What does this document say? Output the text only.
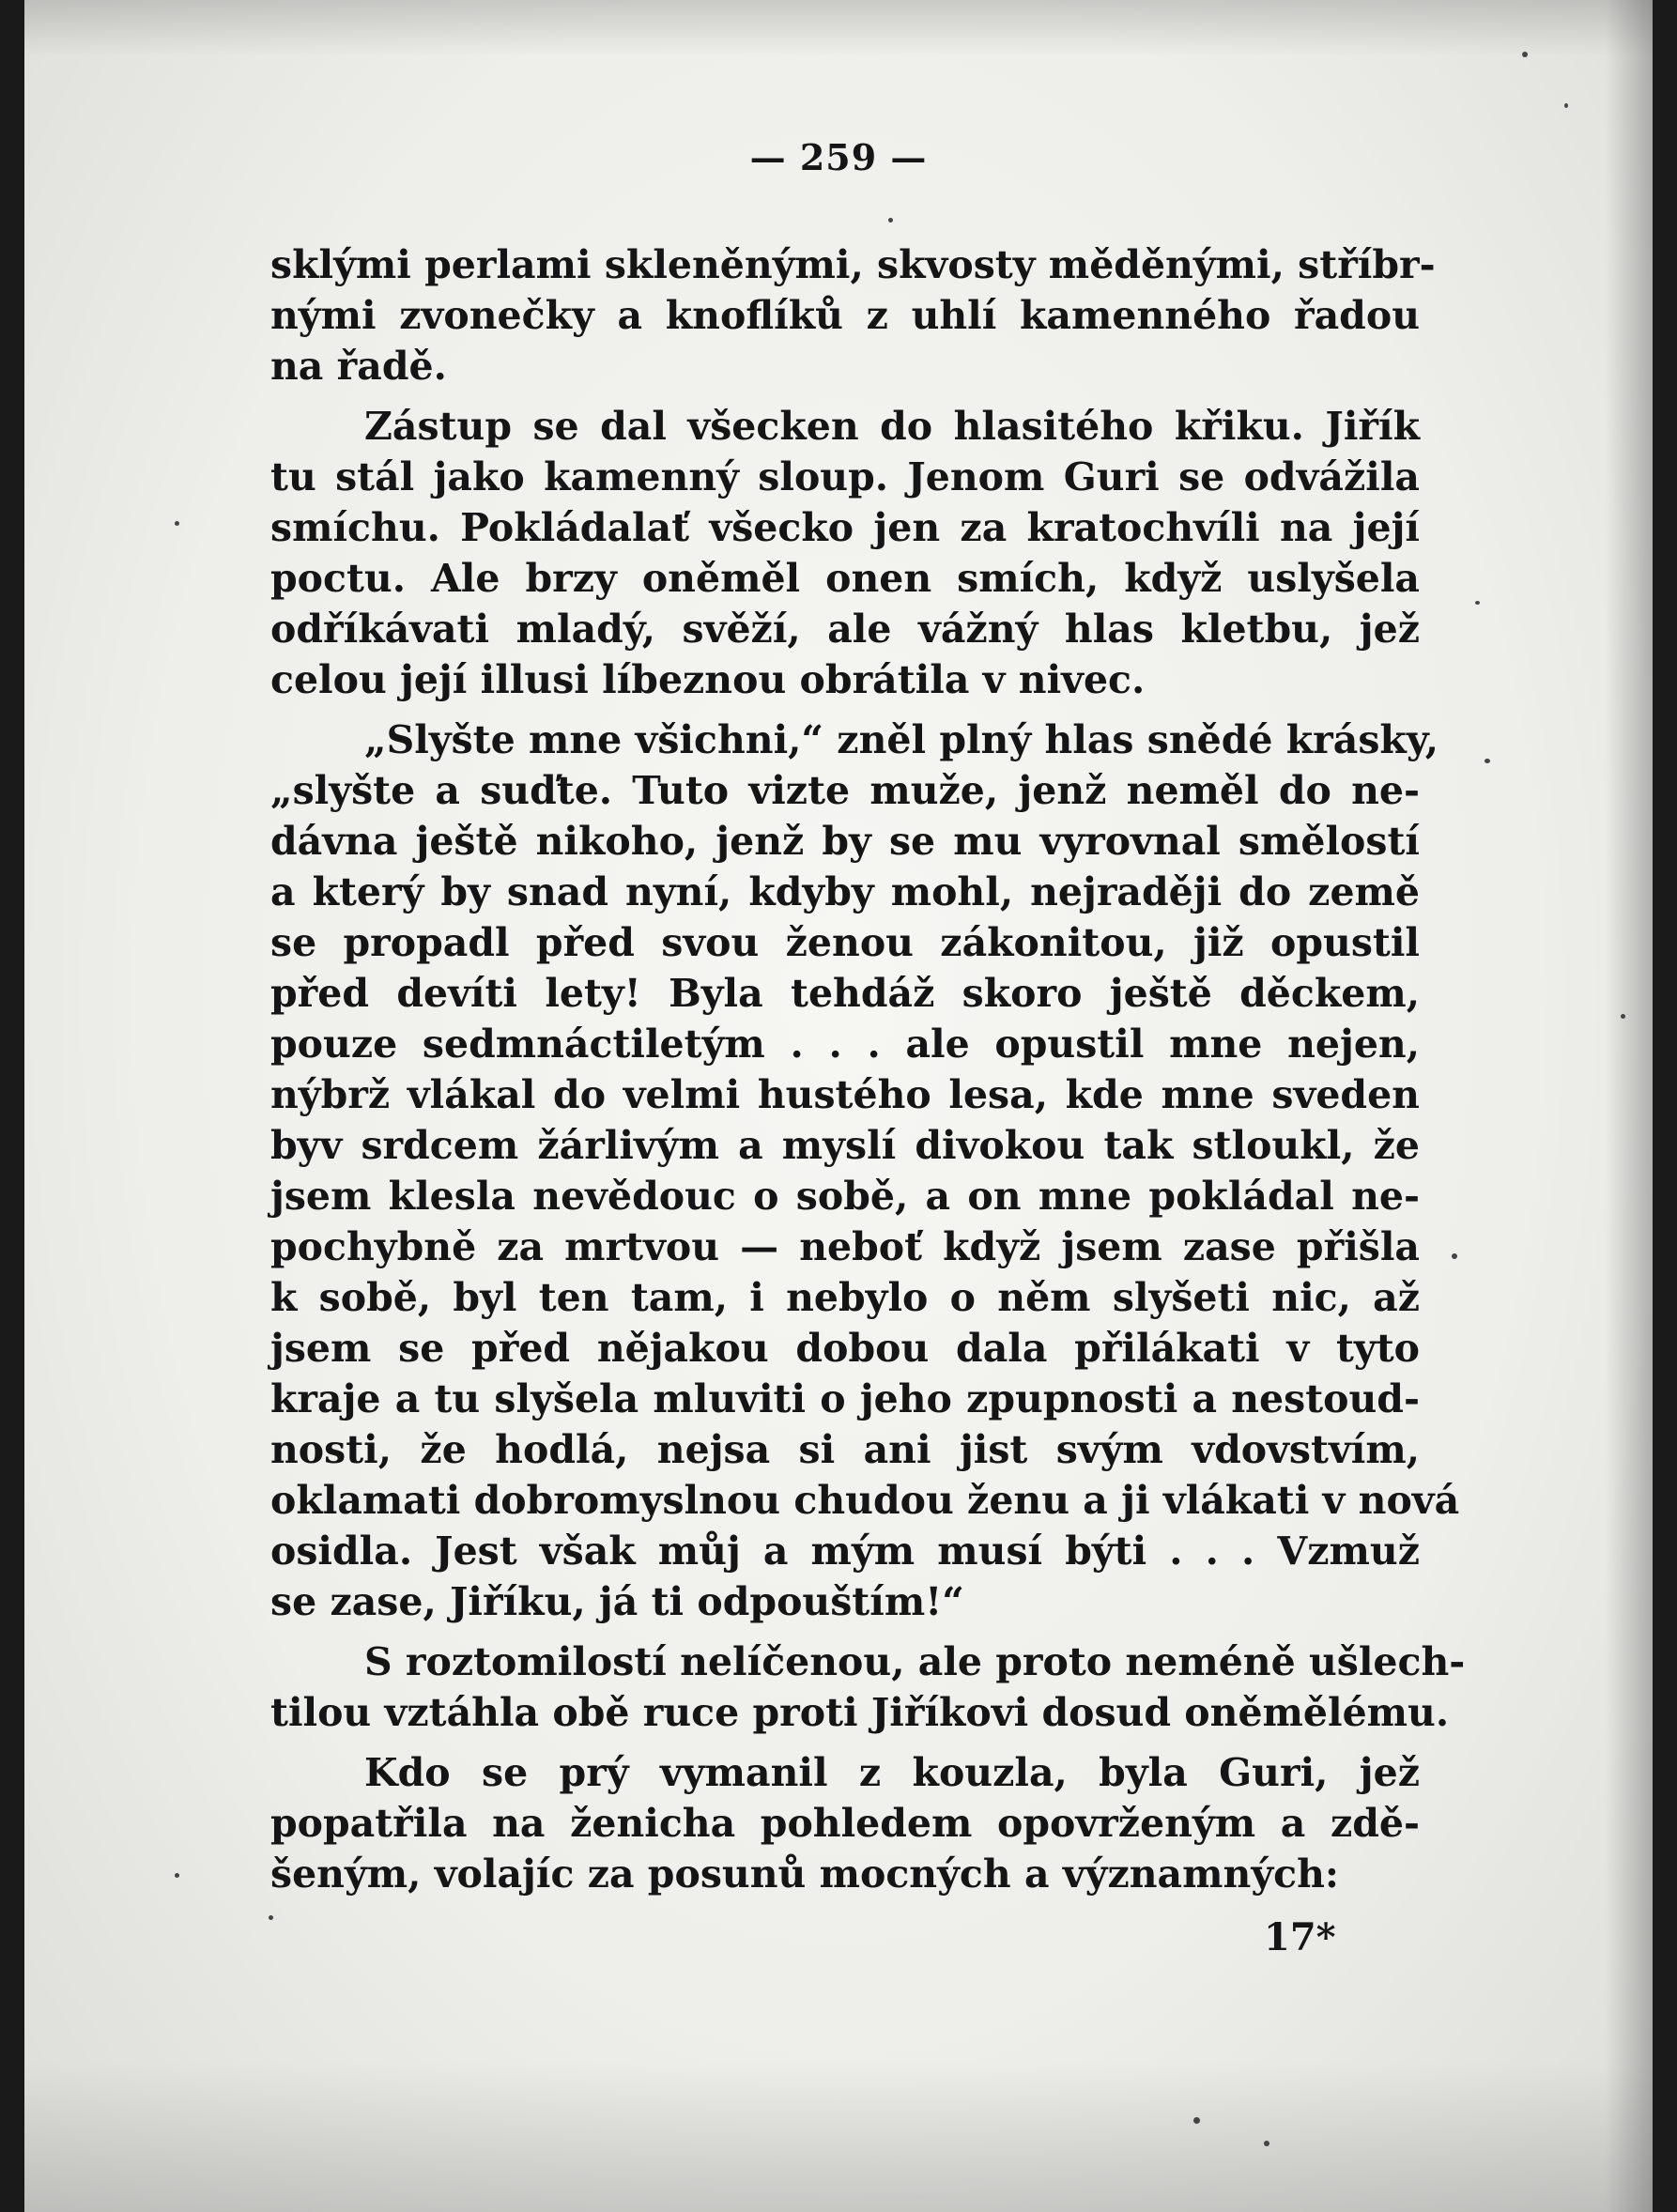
— 259 —
sklými perlami skleněnými, skvosty měděnými, stříbr-
nými zvonečky a knoflíků z uhlí kamenného řadou
na řadě.
Zástup se dal všecken do hlasitého křiku. Jiřík
tu stál jako kamenný sloup. Jenom Guri se odvážila
smíchu. Pokládalať všecko jen za kratochvíli na její
poctu. Ale brzy oněměl onen smích, když uslyšela
odříkávati mladý, svěží, ale vážný hlas kletbu, jež
celou její illusi líbeznou obrátila v nivec.
„Slyšte mne všichni,“ zněl plný hlas snědé krásky,
„slyšte a suďte. Tuto vizte muže, jenž neměl do ne-
dávna ještě nikoho, jenž by se mu vyrovnal smělostí
a který by snad nyní, kdyby mohl, nejraději do země
se propadl před svou ženou zákonitou, již opustil
před devíti lety! Byla tehdáž skoro ještě děckem,
pouze sedmnáctiletým . . . ale opustil mne nejen,
nýbrž vlákal do velmi hustého lesa, kde mne sveden
byv srdcem žárlivým a myslí divokou tak stloukl, že
jsem klesla nevědouc o sobě, a on mne pokládal ne-
pochybně za mrtvou — neboť když jsem zase přišla
k sobě, byl ten tam, i nebylo o něm slyšeti nic, až
jsem se před nějakou dobou dala přilákati v tyto
kraje a tu slyšela mluviti o jeho zpupnosti a nestoud-
nosti, že hodlá, nejsa si ani jist svým vdovstvím,
oklamati dobromyslnou chudou ženu a ji vlákati v nová
osidla. Jest však můj a mým musí býti . . . Vzmuž
se zase, Jiříku, já ti odpouštím!“
S roztomilostí nelíčenou, ale proto neméně ušlech-
tilou vztáhla obě ruce proti Jiříkovi dosud oněmělému.
Kdo se prý vymanil z kouzla, byla Guri, jež
popatřila na ženicha pohledem opovrženým a zdě-
šeným, volajíc za posunů mocných a významných:
17*
